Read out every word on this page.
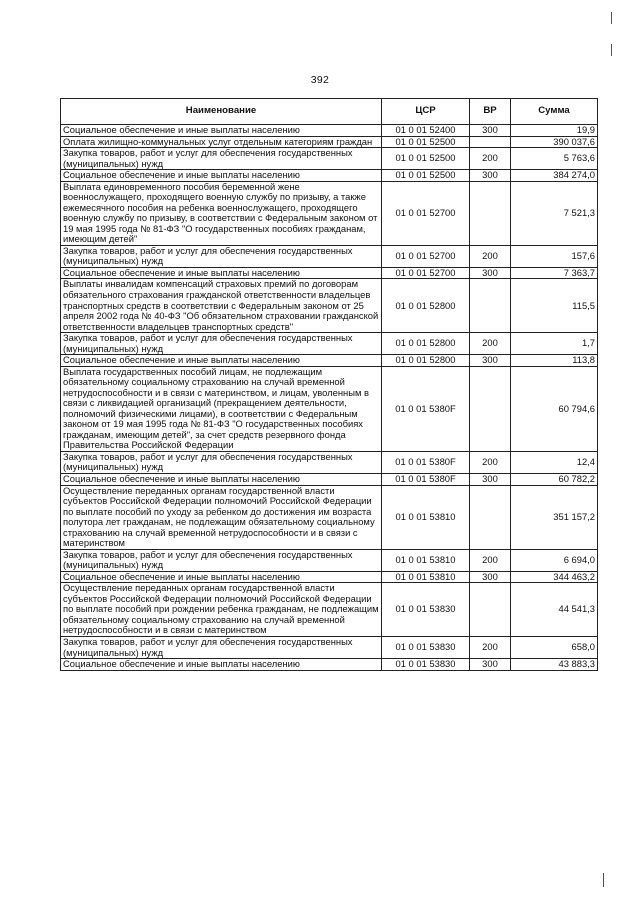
392
Наименование	ЦСР	ВР	Сумма
Социальное обеспечение и иные выплаты населению	01 0 01 52400	300	19,9
Оплата жилищно-коммунальных услуг отдельным категориям граждан	01 0 01 52500		390 037,6
Закупка товаров, работ и услуг для обеспечения государственных (муниципальных) нужд	01 0 01 52500	200	5 763,6
Социальное обеспечение и иные выплаты населению	01 0 01 52500	300	384 274,0
Выплата единовременного пособия беременной жене военнослужащего, проходящего военную службу по призыву, а также ежемесячного пособия на ребенка военнослужащего, проходящего военную службу по призыву, в соответствии с Федеральным законом от 19 мая 1995 года № 81-ФЗ "О государственных пособиях гражданам, имеющим детей"	01 0 01 52700		7 521,3
Закупка товаров, работ и услуг для обеспечения государственных (муниципальных) нужд	01 0 01 52700	200	157,6
Социальное обеспечение и иные выплаты населению	01 0 01 52700	300	7 363,7
Выплаты инвалидам компенсаций страховых премий по договорам обязательного страхования гражданской ответственности владельцев транспортных средств в соответствии с Федеральным законом от 25 апреля 2002 года № 40-ФЗ "Об обязательном страховании гражданской ответственности владельцев транспортных средств"	01 0 01 52800		115,5
Закупка товаров, работ и услуг для обеспечения государственных (муниципальных) нужд	01 0 01 52800	200	1,7
Социальное обеспечение и иные выплаты населению	01 0 01 52800	300	113,8
Выплата государственных пособий лицам, не подлежащим обязательному социальному страхованию на случай временной нетрудоспособности и в связи с материнством, и лицам, уволенным в связи с ликвидацией организаций (прекращением деятельности, полномочий физическими лицами), в соответствии с Федеральным законом от 19 мая 1995 года № 81-ФЗ "О государственных пособиях гражданам, имеющим детей", за счет средств резервного фонда Правительства Российской Федерации	01 0 01 5380F		60 794,6
Закупка товаров, работ и услуг для обеспечения государственных (муниципальных) нужд	01 0 01 5380F	200	12,4
Социальное обеспечение и иные выплаты населению	01 0 01 5380F	300	60 782,2
Осуществление переданных органам государственной власти субъектов Российской Федерации полномочий Российской Федерации по выплате пособий по уходу за ребенком до достижения им возраста полутора лет гражданам, не подлежащим обязательному социальному страхованию на случай временной нетрудоспособности и в связи с материнством	01 0 01 53810		351 157,2
Закупка товаров, работ и услуг для обеспечения государственных (муниципальных) нужд	01 0 01 53810	200	6 694,0
Социальное обеспечение и иные выплаты населению	01 0 01 53810	300	344 463,2
Осуществление переданных органам государственной власти субъектов Российской Федерации полномочий Российской Федерации по выплате пособий при рождении ребенка гражданам, не подлежащим обязательному социальному страхованию на случай временной нетрудоспособности и в связи с материнством	01 0 01 53830		44 541,3
Закупка товаров, работ и услуг для обеспечения государственных (муниципальных) нужд	01 0 01 53830	200	658,0
Социальное обеспечение и иные выплаты населению	01 0 01 53830	300	43 883,3
